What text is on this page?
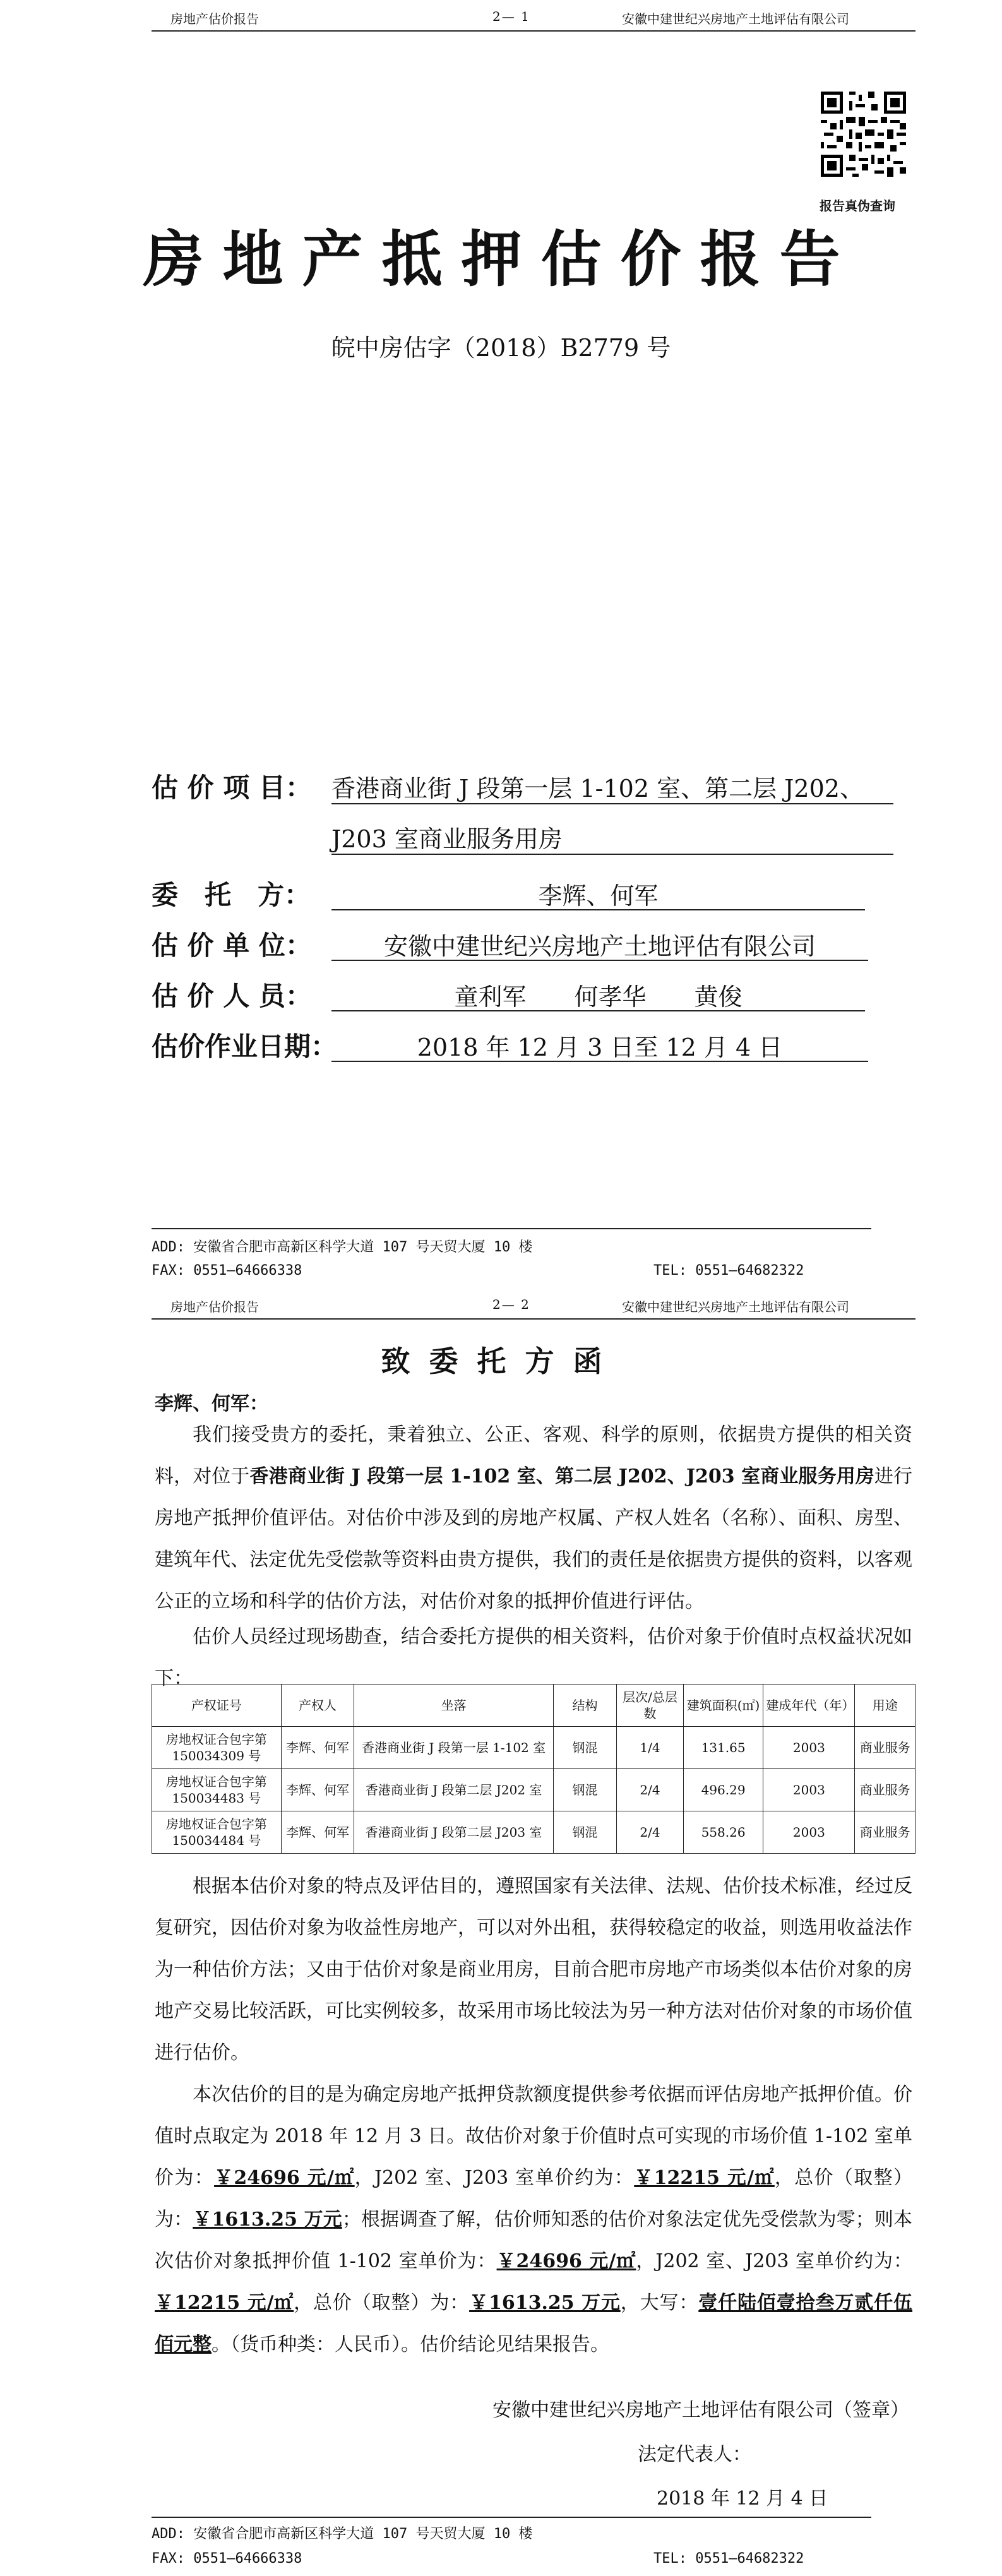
房地产估价报告	2— 1	安徽中建世纪兴房地产土地评估有限公司
报告真伪查询
房地产抵押估价报告
皖中房估字（2018）B2779 号
估 价 项 目： 香港商业街 J 段第一层 1-102 室、第二层 J202、
J203 室商业服务用房
委　托　方：	李辉、何军
估 价 单 位：	安徽中建世纪兴房地产土地评估有限公司
估 价 人 员：	童利军　　何孝华　　黄俊
估价作业日期：	2018 年 12 月 3 日至 12 月 4 日
ADD: 安徽省合肥市高新区科学大道 107 号天贸大厦 10 楼
FAX: 0551—64666338	TEL: 0551—64682322
房地产估价报告	2— 2	安徽中建世纪兴房地产土地评估有限公司
致委托方函
李辉、何军：
我们接受贵方的委托，秉着独立、公正、客观、科学的原则，依据贵方提供的相关资料，对位于香港商业街 J 段第一层 1-102 室、第二层 J202、J203 室商业服务用房进行房地产抵押价值评估。对估价中涉及到的房地产权属、产权人姓名（名称）、面积、房型、建筑年代、法定优先受偿款等资料由贵方提供，我们的责任是依据贵方提供的资料，以客观公正的立场和科学的估价方法，对估价对象的抵押价值进行评估。
估价人员经过现场勘查，结合委托方提供的相关资料，估价对象于价值时点权益状况如下：
产权证号	产权人	坐落	结构	层次/总层数	建筑面积(㎡)	建成年代（年）	用途
房地权证合包字第 150034309 号	李辉、何军	香港商业街 J 段第一层 1-102 室	钢混	1/4	131.65	2003	商业服务
房地权证合包字第 150034483 号	李辉、何军	香港商业街 J 段第二层 J202 室	钢混	2/4	496.29	2003	商业服务
房地权证合包字第 150034484 号	李辉、何军	香港商业街 J 段第二层 J203 室	钢混	2/4	558.26	2003	商业服务
根据本估价对象的特点及评估目的，遵照国家有关法律、法规、估价技术标准，经过反复研究，因估价对象为收益性房地产，可以对外出租，获得较稳定的收益，则选用收益法作为一种估价方法；又由于估价对象是商业用房，目前合肥市房地产市场类似本估价对象的房地产交易比较活跃，可比实例较多，故采用市场比较法为另一种方法对估价对象的市场价值进行估价。
本次估价的目的是为确定房地产抵押贷款额度提供参考依据而评估房地产抵押价值。价值时点取定为 2018 年 12 月 3 日。故估价对象于价值时点可实现的市场价值 1-102 室单价为：￥24696 元/㎡，J202 室、J203 室单价约为：￥12215 元/㎡，总价（取整）为：￥1613.25 万元；根据调查了解，估价师知悉的估价对象法定优先受偿款为零；则本次估价对象抵押价值 1-102 室单价为：￥24696 元/㎡，J202 室、J203 室单价约为：￥12215 元/㎡，总价（取整）为：￥1613.25 万元，大写：壹仟陆佰壹拾叁万贰仟伍佰元整。（货币种类：人民币）。估价结论见结果报告。
安徽中建世纪兴房地产土地评估有限公司（签章）
法定代表人：
2018 年 12 月 4 日
ADD: 安徽省合肥市高新区科学大道 107 号天贸大厦 10 楼
FAX: 0551—64666338	TEL: 0551—64682322
